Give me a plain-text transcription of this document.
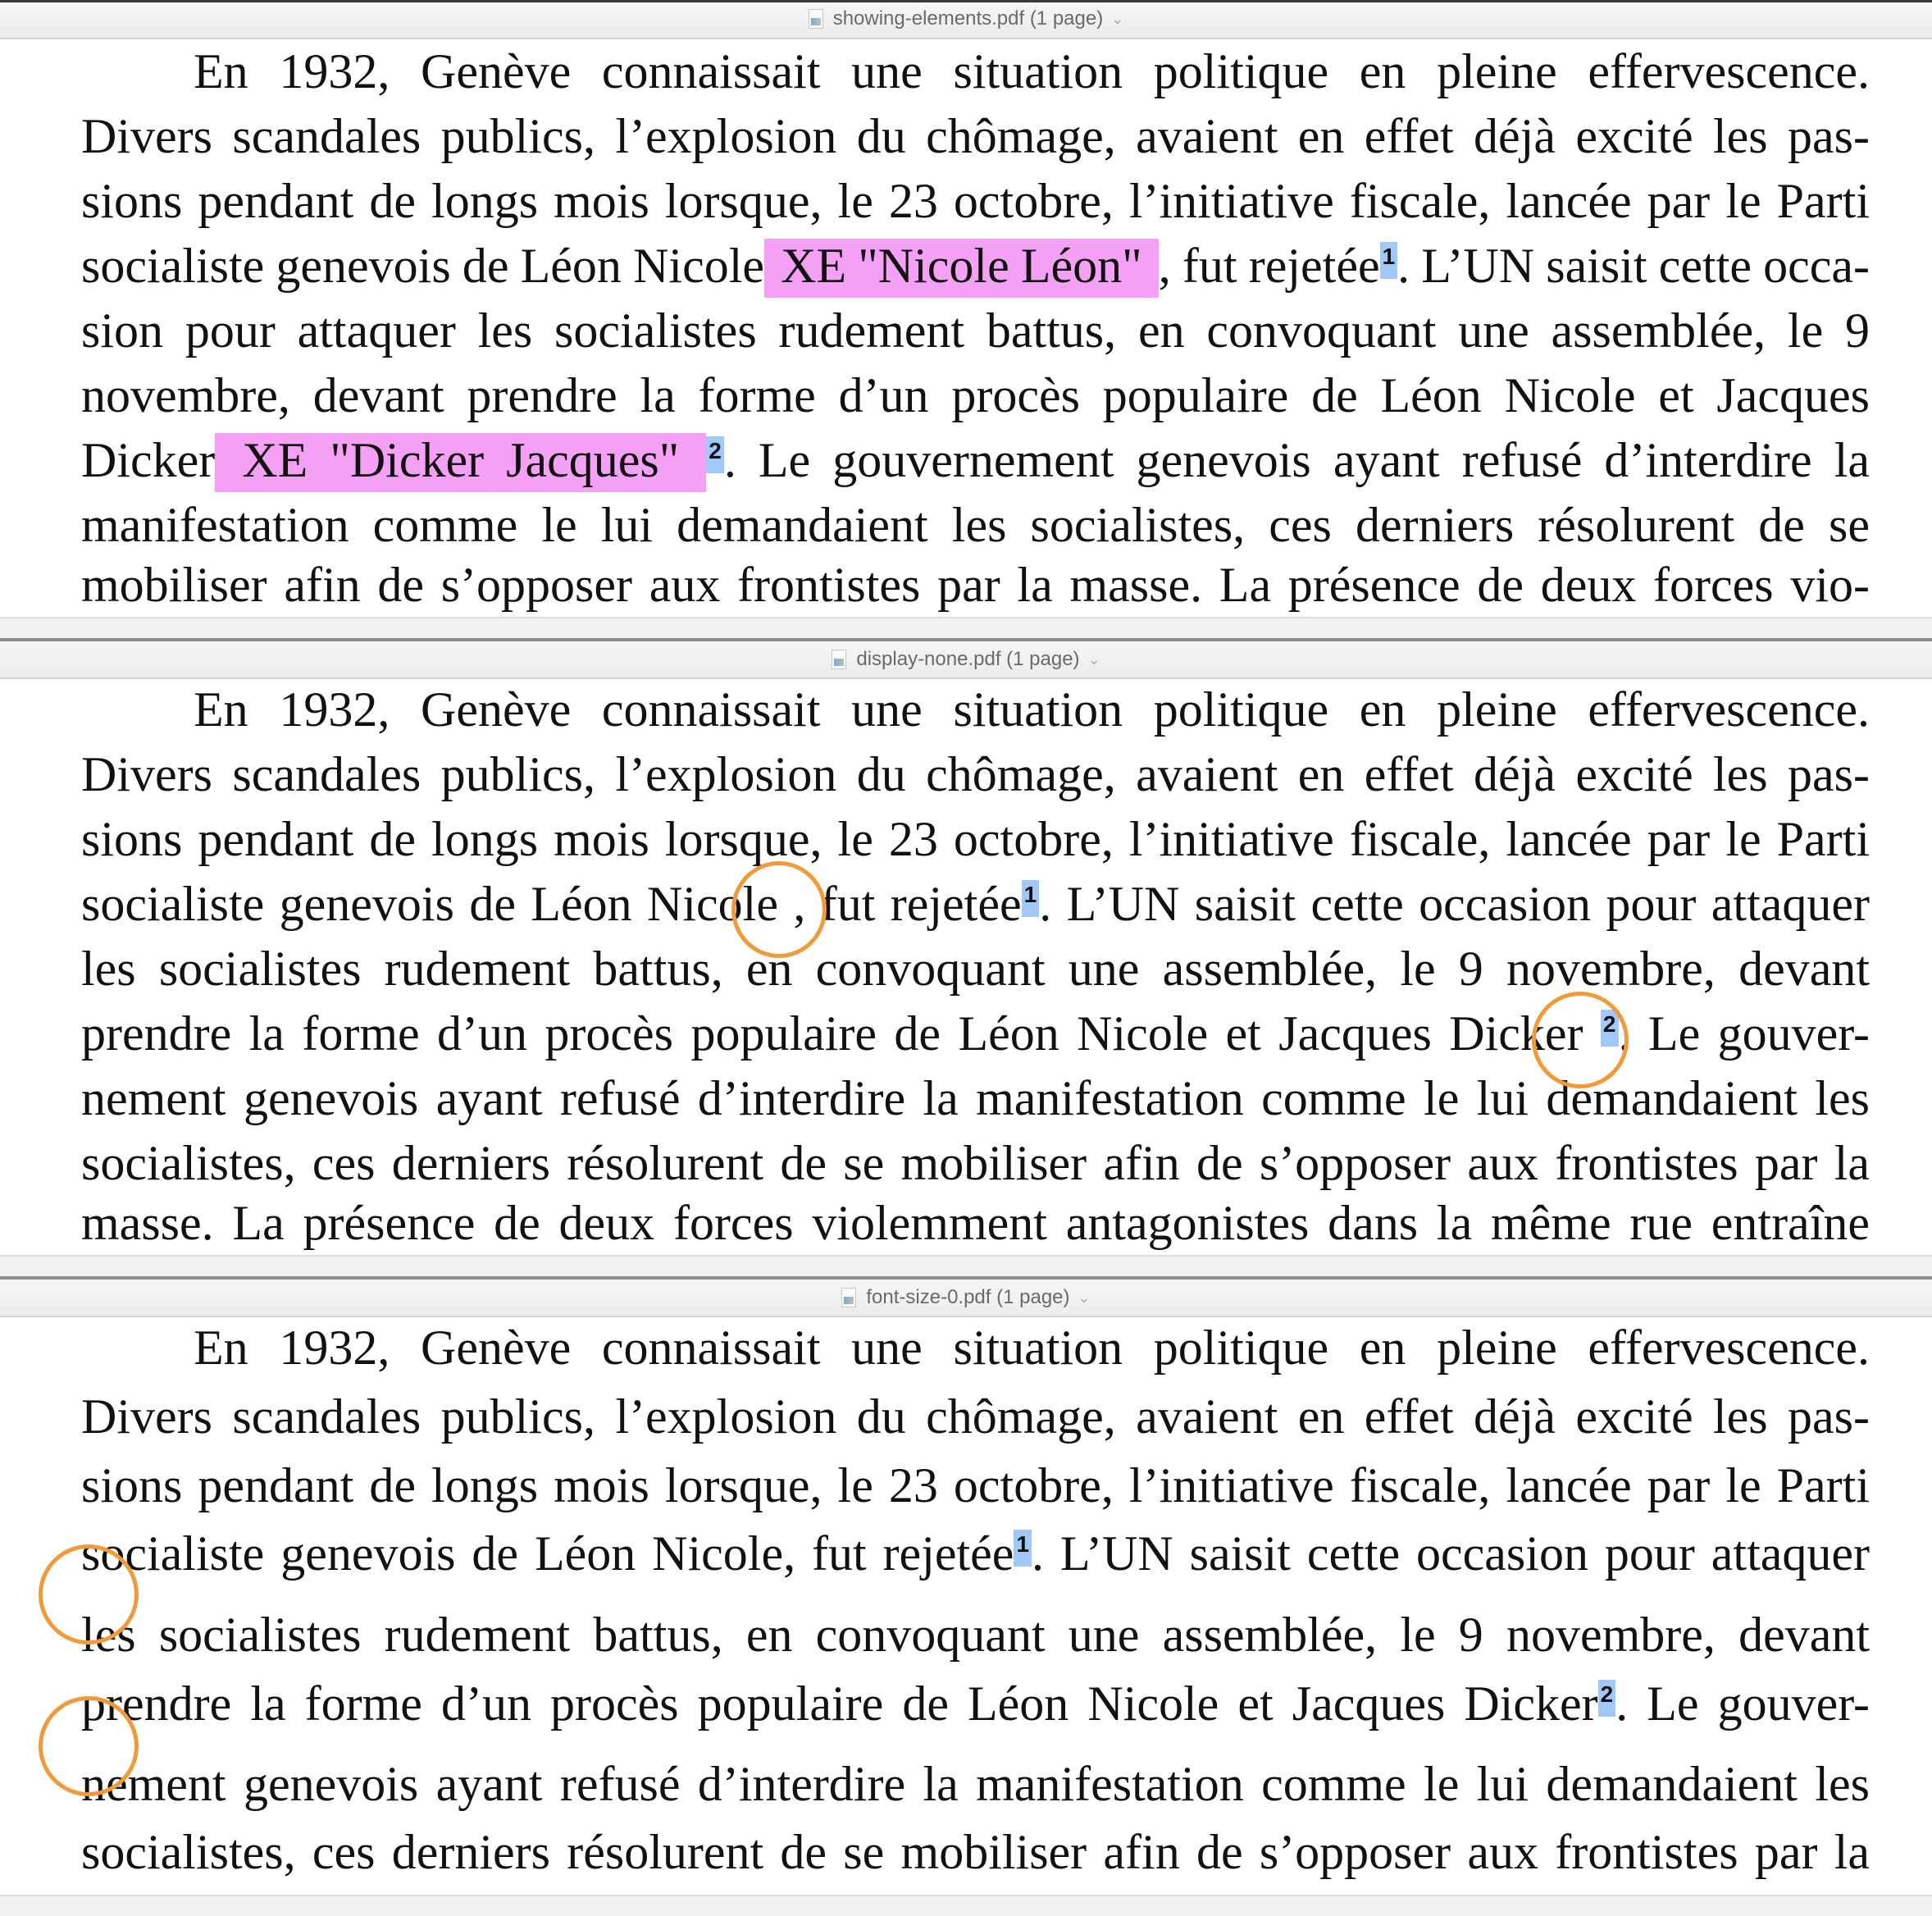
En 1932, Genève connaissait une situation politique en pleine effervescence.
Divers scandales publics, l’explosion du chômage, avaient en effet déjà excité les pas-
sions pendant de longs mois lorsque, le 23 octobre, l’initiative fiscale, lancée par le Parti
socialiste genevois de Léon Nicole XE "Nicole Léon" , fut rejetée $^1$. L’UN saisit cette occa-
sion pour attaquer les socialistes rudement battus, en convoquant une assemblée, le 9
novembre, devant prendre la forme d’un procès populaire de Léon Nicole et Jacques
Dicker XE "Dicker Jacques" $^2$. Le gouvernement genevois ayant refusé d’interdire la
manifestation comme le lui demandaient les socialistes, ces derniers résolurent de se
mobiliser afin de s’opposer aux frontistes par la masse. La présence de deux forces vio-
showing-elements.pdf (1 page) ⌄
En 1932, Genève connaissait une situation politique en pleine effervescence.
Divers scandales publics, l’explosion du chômage, avaient en effet déjà excité les pas-
sions pendant de longs mois lorsque, le 23 octobre, l’initiative fiscale, lancée par le Parti
socialiste genevois de Léon Nicole , fut rejetée $^1$. L’UN saisit cette occasion pour attaquer
les socialistes rudement battus, en convoquant une assemblée, le 9 novembre, devant
prendre la forme d’un procès populaire de Léon Nicole et Jacques Dicker $^2$. Le gouver-
nement genevois ayant refusé d’interdire la manifestation comme le lui demandaient les
socialistes, ces derniers résolurent de se mobiliser afin de s’opposer aux frontistes par la
masse. La présence de deux forces violemment antagonistes dans la même rue entraîne
display-none.pdf (1 page) ⌄
En 1932, Genève connaissait une situation politique en pleine effervescence.
Divers scandales publics, l’explosion du chômage, avaient en effet déjà excité les pas-
sions pendant de longs mois lorsque, le 23 octobre, l’initiative fiscale, lancée par le Parti
socialiste genevois de Léon Nicole, fut rejetée $^1$. L’UN saisit cette occasion pour attaquer
les socialistes rudement battus, en convoquant une assemblée, le 9 novembre, devant
prendre la forme d’un procès populaire de Léon Nicole et Jacques Dicker $^2$. Le gouver-
nement genevois ayant refusé d’interdire la manifestation comme le lui demandaient les
socialistes, ces derniers résolurent de se mobiliser afin de s’opposer aux frontistes par la
font-size-0.pdf (1 page) ⌄
